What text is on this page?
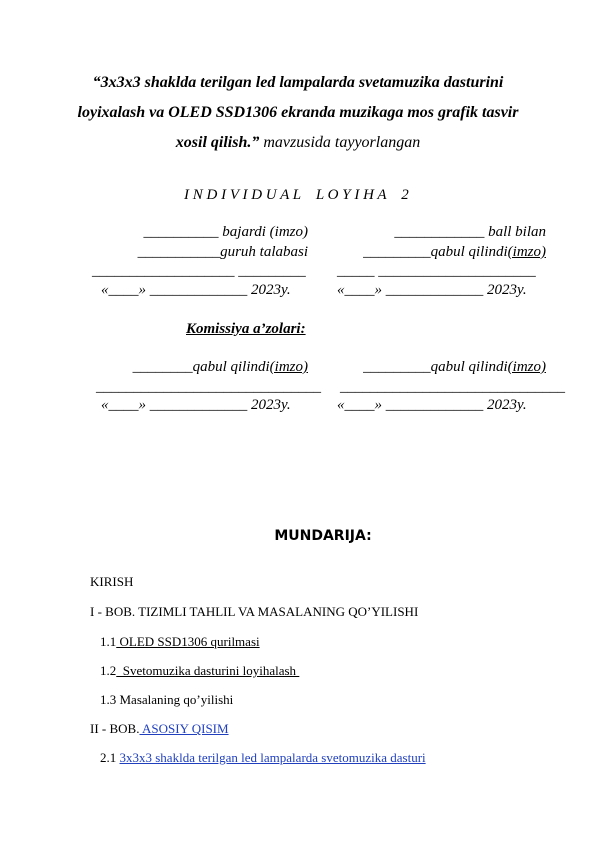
“3x3x3 shaklda terilgan led lampalarda svetamuzika dasturini
loyixalash va OLED SSD1306 ekranda muzikaga mos grafik tasvir
xosil qilish.” mavzusida tayyorlangan
I N D I V I D U A L    L O Y I H A    2
__________ bajardi (imzo)
___________guruh talabasi
___________________ _________
«____» _____________ 2023y.
____________ ball bilan
_________qabul qilindi(imzo)
_____ _____________________
«____» _____________ 2023y.
Komissiya a’zolari:
________qabul qilindi(imzo)
______________________________
«____» _____________ 2023y.
_________qabul qilindi(imzo)
______________________________
«____» _____________ 2023y.
MUNDARIJA:
KIRISH
I - BOB. TIZIMLI TAHLIL VA MASALANING QO’YILISHI
1.1 OLED SSD1306 qurilmasi
1.2  Svetomuzika dasturini loyihalash
1.3 Masalaning qo’yilishi
II - BOB. ASOSIY QISIM
2.1 3x3x3 shaklda terilgan led lampalarda svetomuzika dasturi
